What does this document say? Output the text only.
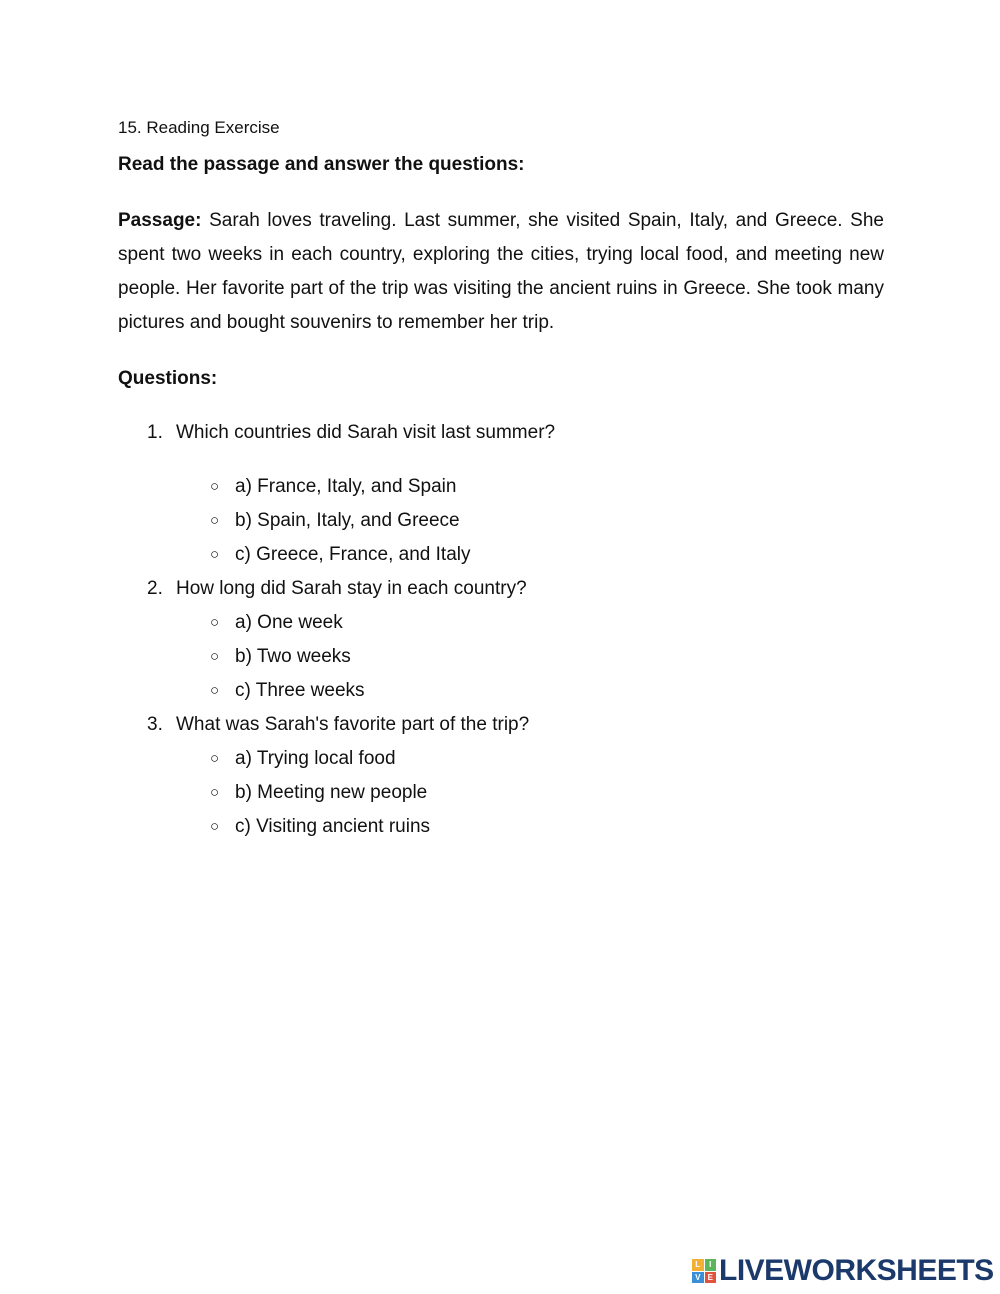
15. Reading Exercise
Read the passage and answer the questions:
Passage: Sarah loves traveling. Last summer, she visited Spain, Italy, and Greece. She spent two weeks in each country, exploring the cities, trying local food, and meeting new people. Her favorite part of the trip was visiting the ancient ruins in Greece. She took many pictures and bought souvenirs to remember her trip.
Questions:
1. Which countries did Sarah visit last summer?
○ a) France, Italy, and Spain
○ b) Spain, Italy, and Greece
○ c) Greece, France, and Italy
2. How long did Sarah stay in each country?
○ a) One week
○ b) Two weeks
○ c) Three weeks
3. What was Sarah's favorite part of the trip?
○ a) Trying local food
○ b) Meeting new people
○ c) Visiting ancient ruins
L	I
V E LIVEWORKSHEETS
